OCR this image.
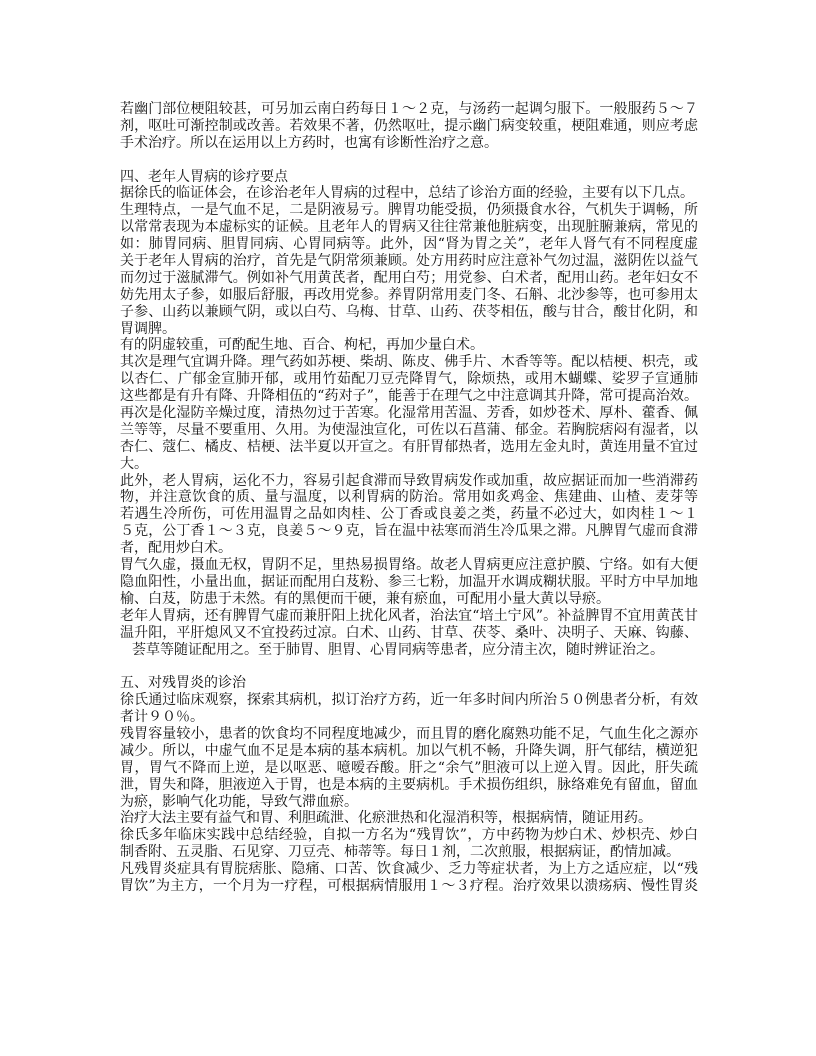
若幽门部位梗阻较甚，可另加云南白药每日１～２克，与汤药一起调匀服下。一般服药５～７
剂，呕吐可渐控制或改善。若效果不著，仍然呕吐，提示幽门病变较重，梗阻难通，则应考虑
手术治疗。所以在运用以上方药时，也寓有诊断性治疗之意。
四、老年人胃病的诊疗要点
据徐氏的临证体会，在诊治老年人胃病的过程中，总结了诊治方面的经验，主要有以下几点。
生理特点，一是气血不足，二是阴液易亏。脾胃功能受损，仍须摄食水谷，气机失于调畅，所
以常常表现为本虚标实的证候。且老年人的胃病又往往常兼他脏病变，出现脏腑兼病，常见的
如：肺胃同病、胆胃同病、心胃同病等。此外，因“肾为胃之关”，老年人肾气有不同程度虚
关于老年人胃病的治疗，首先是气阴常须兼顾。处方用药时应注意补气勿过温，滋阴佐以益气
而勿过于滋腻滞气。例如补气用黄芪者，配用白芍；用党参、白术者，配用山药。老年妇女不
妨先用太子参，如服后舒服，再改用党参。养胃阴常用麦门冬、石斛、北沙参等，也可参用太
子参、山药以兼顾气阴，或以白芍、乌梅、甘草、山药、茯苓相伍，酸与甘合，酸甘化阴，和
胃调脾。
有的阴虚较重，可酌配生地、百合、枸杞，再加少量白术。
其次是理气宜调升降。理气药如苏梗、柴胡、陈皮、佛手片、木香等等。配以桔梗、枳壳，或
以杏仁、广郁金宣肺开郁，或用竹茹配刀豆壳降胃气，除烦热，或用木蝴蝶、娑罗子宣通肺
这些都是有升有降、升降相伍的“药对子”，能善于在理气之中注意调其升降，常可提高治效。
再次是化湿防辛燥过度，清热勿过于苦寒。化湿常用苦温、芳香，如炒苍术、厚朴、藿香、佩
兰等等，尽量不要重用、久用。为使湿浊宣化，可佐以石菖蒲、郁金。若胸脘痞闷有湿者，以
杏仁、蔻仁、橘皮、桔梗、法半夏以开宣之。有肝胃郁热者，选用左金丸时，黄连用量不宜过
大。
此外，老人胃病，运化不力，容易引起食滞而导致胃病发作或加重，故应据证而加一些消滞药
物，并注意饮食的质、量与温度，以利胃病的防治。常用如炙鸡金、焦建曲、山楂、麦芽等
若遇生冷所伤，可佐用温胃之品如肉桂、公丁香或良姜之类，药量不必过大，如肉桂１～１
５克，公丁香１～３克，良姜５～９克，旨在温中祛寒而消生冷瓜果之滞。凡脾胃气虚而食滞
者，配用炒白术。
胃气久虚，摄血无权，胃阴不足，里热易损胃络。故老人胃病更应注意护膜、宁络。如有大便
隐血阳性，小量出血，据证而配用白芨粉、参三七粉，加温开水调成糊状服。平时方中早加地
榆、白芨，防患于未然。有的黑便而干硬，兼有瘀血，可配用小量大黄以导瘀。
老年人胃病，还有脾胃气虚而兼肝阳上扰化风者，治法宜“培土宁风”。补益脾胃不宜用黄芪甘
温升阳，平肝熄风又不宜投药过凉。白术、山药、甘草、茯苓、桑叶、决明子、天麻、钩藤、
荟草等随证配用之。至于肺胃、胆胃、心胃同病等患者，应分清主次，随时辨证治之。
五、对残胃炎的诊治
徐氏通过临床观察，探索其病机，拟订治疗方药，近一年多时间内所治５０例患者分析，有效
者计９０％。
残胃容量较小，患者的饮食均不同程度地减少，而且胃的磨化腐熟功能不足，气血生化之源亦
减少。所以，中虚气血不足是本病的基本病机。加以气机不畅，升降失调，肝气郁结，横逆犯
胃，胃气不降而上逆，是以呕恶、噫嗳吞酸。肝之“余气”胆液可以上逆入胃。因此，肝失疏
泄，胃失和降，胆液逆入于胃，也是本病的主要病机。手术损伤组织，脉络难免有留血，留血
为瘀，影响气化功能，导致气滞血瘀。
治疗大法主要有益气和胃、利胆疏泄、化瘀泄热和化湿消积等，根据病情，随证用药。
徐氏多年临床实践中总结经验，自拟一方名为“残胃饮”，方中药物为炒白术、炒枳壳、炒白
制香附、五灵脂、石见穿、刀豆壳、柿蒂等。每日１剂，二次煎服，根据病证，酌情加减。
凡残胃炎症具有胃脘痞胀、隐痛、口苦、饮食减少、乏力等症状者，为上方之适应症，以“残
胃饮”为主方，一个月为一疗程，可根据病情服用１～３疗程。治疗效果以溃疡病、慢性胃炎
